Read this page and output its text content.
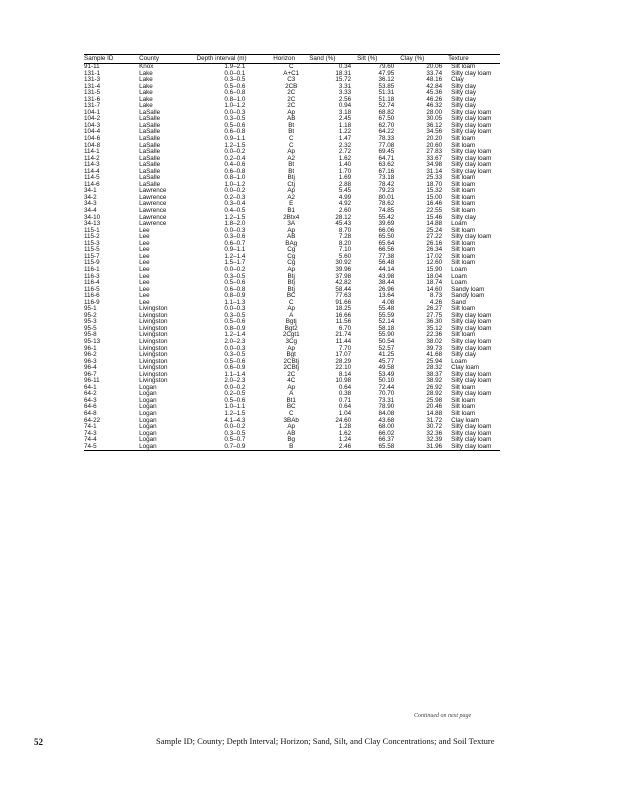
Sample ID	County	Depth interval (m)	Horizon	Sand (%)	Silt (%)	Clay (%)	Texture
91-11	Knox	1.9–2.1	C	0.34	79.60	20.06	Silt loam
131-1	Lake	0.0–0.1	A+C1	18.31	47.95	33.74	Silty clay loam
131-3	Lake	0.3–0.5	C3	15.72	36.12	48.16	Clay
131-4	Lake	0.5–0.6	2CB	3.31	53.85	42.84	Silty clay
131-5	Lake	0.6–0.8	2C	3.33	51.31	45.36	Silty clay
131-6	Lake	0.8–1.0	2C	2.56	51.18	46.26	Silty clay
131-7	Lake	1.0–1.2	2C	0.94	52.74	46.32	Silty clay
104-1	LaSalle	0.0–0.3	Ap	3.18	68.82	28.00	Silty clay loam
104-2	LaSalle	0.3–0.5	AB	2.45	67.50	30.05	Silty clay loam
104-3	LaSalle	0.5–0.6	Bt	1.18	62.70	36.12	Silty clay loam
104-4	LaSalle	0.6–0.8	Bt	1.22	64.22	34.56	Silty clay loam
104-6	LaSalle	0.9–1.1	C	1.47	78.33	20.20	Silt loam
104-8	LaSalle	1.2–1.5	C	2.32	77.08	20.60	Silt loam
114-1	LaSalle	0.0–0.2	Ap	2.72	69.45	27.83	Silty clay loam
114-2	LaSalle	0.2–0.4	A2	1.62	64.71	33.67	Silty clay loam
114-3	LaSalle	0.4–0.6	Bt	1.40	63.62	34.98	Silty clay loam
114-4	LaSalle	0.6–0.8	Bt	1.70	67.16	31.14	Silty clay loam
114-5	LaSalle	0.8–1.0	Btj	1.69	73.18	25.33	Silt loam
114-6	LaSalle	1.0–1.2	Ctj	2.88	78.42	18.70	Silt loam
34-1	Lawrence	0.0–0.2	Ap	5.45	79.23	15.32	Silt loam
34-2	Lawrence	0.2–0.3	A2	4.99	80.01	15.00	Silt loam
34-3	Lawrence	0.3–0.4	E	4.92	78.62	16.46	Silt loam
34-4	Lawrence	0.4–0.5	B1	2.60	74.85	22.55	Silt loam
34-10	Lawrence	1.2–1.5	2Btx4	28.12	55.42	15.46	Silty clay
34-13	Lawrence	1.8–2.0	3A	45.43	39.69	14.88	Loam
115-1	Lee	0.0–0.3	Ap	8.70	66.06	25.24	Silt loam
115-2	Lee	0.3–0.6	AB	7.28	65.50	27.22	Silty clay loam
115-3	Lee	0.6–0.7	BAg	8.20	65.64	26.16	Silt loam
115-5	Lee	0.9–1.1	Cg	7.10	66.56	26.34	Silt loam
115-7	Lee	1.2–1.4	Cg	5.60	77.38	17.02	Silt loam
115-9	Lee	1.5–1.7	Cg	30.92	56.48	12.60	Silt loam
116-1	Lee	0.0–0.2	Ap	39.96	44.14	15.90	Loam
116-3	Lee	0.3–0.5	Btj	37.98	43.98	18.04	Loam
116-4	Lee	0.5–0.6	Btj	42.82	38.44	18.74	Loam
116-5	Lee	0.6–0.8	Btj	58.44	26.96	14.60	Sandy loam
116-6	Lee	0.8–0.9	BC	77.63	13.64	8.73	Sandy loam
116-9	Lee	1.1–1.3	C	91.66	4.08	4.26	Sand
95-1	Livingston	0.0–0.3	Ap	18.25	55.48	26.27	Silt loam
95-2	Livingston	0.3–0.5	A	16.66	55.59	27.75	Silty clay loam
95-3	Livingston	0.5–0.6	Bgtj	11.56	52.14	36.30	Silty clay loam
95-5	Livingston	0.8–0.9	Bgt2	6.70	58.18	35.12	Silty clay loam
95-8	Livingston	1.2–1.4	2Cgt1	21.74	55.90	22.36	Silt loam
95-13	Livingston	2.0–2.3	3Cg	11.44	50.54	38.02	Silty clay loam
96-1	Livingston	0.0–0.3	Ap	7.70	52.57	39.73	Silty clay loam
96-2	Livingston	0.3–0.5	Bgt	17.07	41.25	41.68	Silty clay
96-3	Livingston	0.5–0.6	2CBtj	28.29	45.77	25.94	Loam
96-4	Livingston	0.6–0.9	2CBtj	22.10	49.58	28.32	Clay loam
96-7	Livingston	1.1–1.4	2C	8.14	53.49	38.37	Silty clay loam
96-11	Livingston	2.0–2.3	4C	10.98	50.10	38.92	Silty clay loam
64-1	Logan	0.0–0.2	Ap	0.64	72.44	26.92	Silt loam
64-2	Logan	0.2–0.5	A	0.38	70.70	28.92	Silty clay loam
64-3	Logan	0.5–0.6	Bt1	0.71	73.31	25.98	Silt loam
64-6	Logan	1.0–1.1	BC	0.64	78.90	20.46	Silt loam
64-8	Logan	1.2–1.5	C	1.04	84.08	14.88	Silt loam
64-22	Logan	4.1–4.3	3BAb	24.60	43.68	31.72	Clay loam
74-1	Logan	0.0–0.2	Ap	1.28	68.00	30.72	Silty clay loam
74-3	Logan	0.3–0.5	AB	1.62	66.02	32.36	Silty clay loam
74-4	Logan	0.5–0.7	Bg	1.24	66.37	32.39	Silty clay loam
74-5	Logan	0.7–0.9	B	2.46	65.58	31.96	Silty clay loam
Continued on next page
52	Sample ID; County; Depth Interval; Horizon; Sand, Silt, and Clay Concentrations; and Soil Texture
